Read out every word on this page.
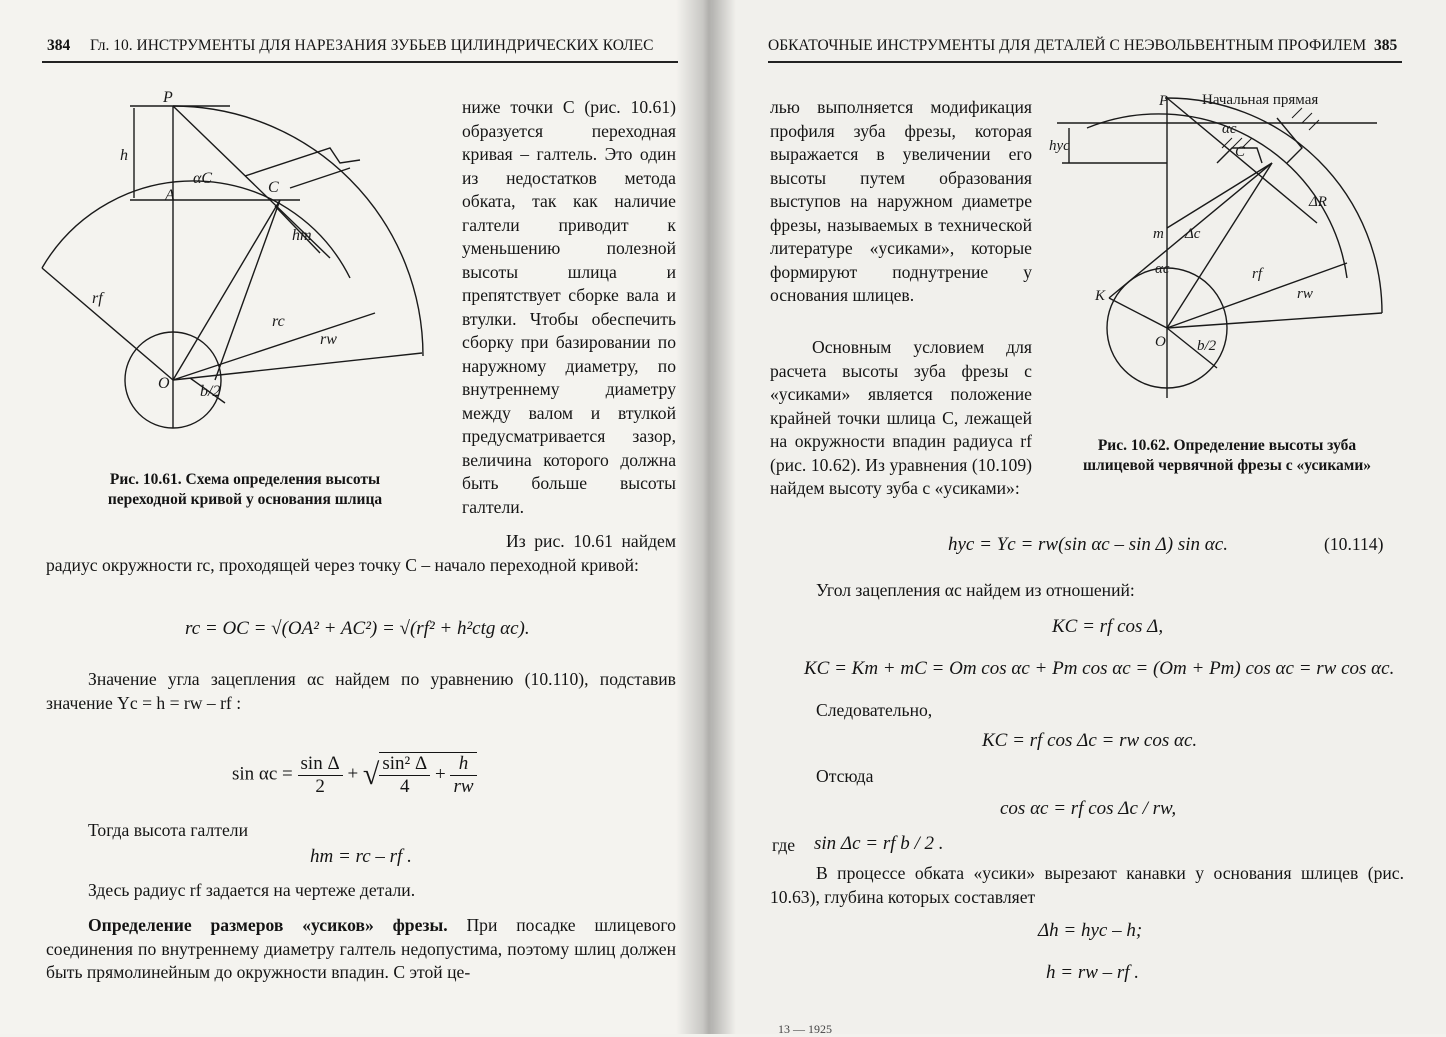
384 Гл. 10. ИНСТРУМЕНТЫ ДЛЯ НАРЕЗАНИЯ ЗУБЬЕВ ЦИЛИНДРИЧЕСКИХ КОЛЕС
P
h
A
αC
C
hт
rf
rc
rw
O b/2
Рис. 10.61. Схема определения высоты
переходной кривой у основания шлица

ниже точки C (рис. 10.61) образуется переходная кривая – галтель. Это один из недостатков метода обката, так как наличие галтели приводит к уменьшению полезной высоты шлица и препятствует сборке вала и втулки. Чтобы обеспечить сборку при базировании по наружному диаметру, по внутреннему диаметру между валом и втулкой предусматривается зазор, величина которого должна быть больше высоты галтели.

Из рис. 10.61 найдем радиус окружности rc, проходящей через точку C – начало переходной кривой:

rc = OC = √(OA² + AC²) = √(rf² + h²ctg αc).

Значение угла зацепления αc найдем по уравнению (10.110), подставив значение Yc = h = rw – rf :

$\sin \alpha c = \frac{\text{sin Δ}}{2}$ + √ $\frac{\text{sin² Δ}}{4} + \frac{h}{rw}$
Тогда высота галтели
hт = rc – rf .
Здесь радиус rf задается на чертеже детали.

Определение размеров «усиков» фрезы. При посадке шлицевого соединения по внутреннему диаметру галтель недопустима, поэтому шлиц должен быть прямолинейным до окружности впадин. С этой це-

ОБКАТОЧНЫЕ ИНСТРУМЕНТЫ ДЛЯ ДЕТАЛЕЙ С НЕЭВОЛЬВЕНТНЫМ ПРОФИЛЕМ 385

лью выполняется модификация профиля зуба фрезы, которая выражается в увеличении его высоты путем образования выступов на наружном диаметре фрезы, называемых в технической литературе «усиками», которые формируют поднутрение у основания шлицев.

Основным условием для расчета высоты зуба фрезы с «усиками» является положение крайней точки шлица C, лежащей на окружности впадин радиуса rf (рис. 10.62). Из уравнения (10.109) найдем высоту зуба с «усиками»:

P Начальная прямая
hус
αc
C
ΔR
m Δc
αc	rf
rw
K
O b/2
Рис. 10.62. Определение высоты зуба
шлицевой червячной фрезы с «усиками»
hус = Yc = rw(sin αc – sin Δ) sin αc.	(10.114)
Угол зацепления αc найдем из отношений:
KC = rf cos Δ,
KC = Km + mC = Om cos αc + Pm cos αc = (Om + Pm) cos αc = rw cos αc.
Следовательно,
KC = rf cos Δc = rw cos αc.
Отсюда
cos αc = rf cos Δc / rw,
где sin Δc = rf b / 2 .

В процессе обката «усики» вырезают канавки у основания шлицев (рис. 10.63), глубина которых составляет

Δh = hус – h;
h = rw – rf .
13 — 1925
